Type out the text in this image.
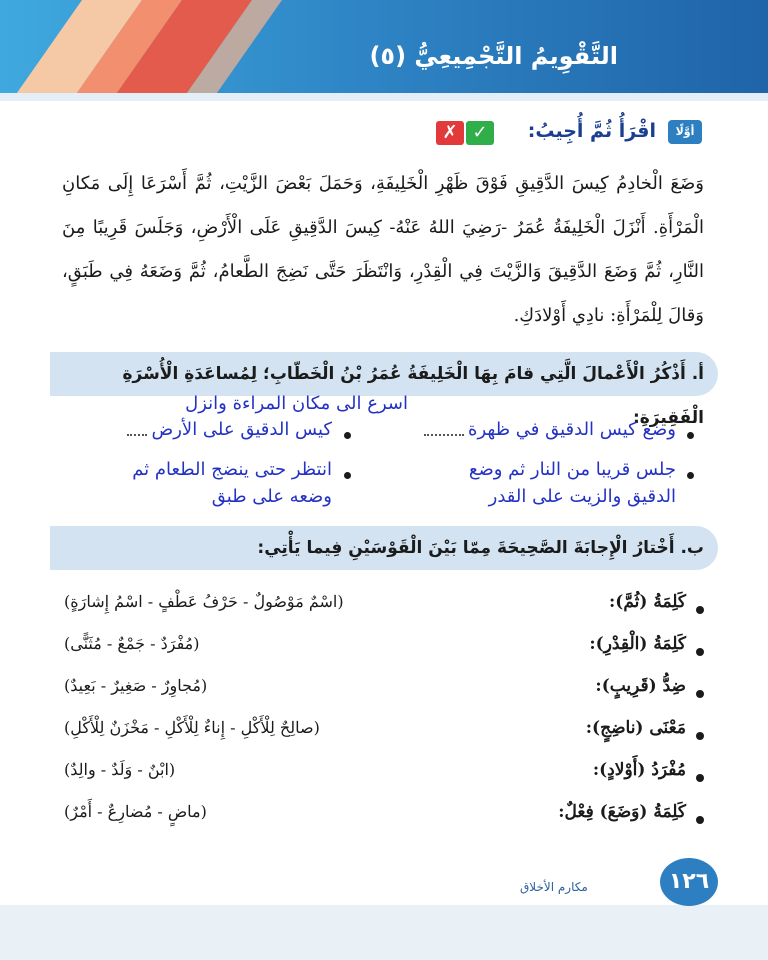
التَّقْوِيمُ التَّجْمِيعِيُّ (٥)
أوَّلًا
اقْرَأُ ثُمَّ أُجِيبُ:
✓
✗
وَضَعَ الْخادِمُ كِيسَ الدَّقِيقِ فَوْقَ ظَهْرِ الْخَلِيفَةِ، وَحَمَلَ بَعْضَ الزَّيْتِ، ثُمَّ أَسْرَعَا إِلَى مَكانِ الْمَرْأَةِ. أَنْزَلَ الْخَلِيفَةُ عُمَرُ -رَضِيَ اللهُ عَنْهُ- كِيسَ الدَّقِيقِ عَلَى الْأَرْضِ، وَجَلَسَ قَرِيبًا مِنَ النَّارِ، ثُمَّ وَضَعَ الدَّقِيقَ وَالزَّيْتَ فِي الْقِدْرِ، وَانْتَظَرَ حَتَّى نَضِجَ الطَّعامُ، ثُمَّ وَضَعَهُ فِي طَبَقٍ، وَقالَ لِلْمَرْأَةِ: نادِي أَوْلادَكِ.
أ. أَذْكُرُ الْأَعْمالَ الَّتِي قامَ بِهَا الْخَلِيفَةُ عُمَرُ بْنُ الْخَطّابِ؛ لِمُساعَدَةِ الْأُسْرَةِ الْفَقِيرَةِ:
وضع كيس الدقيق في ظهرة
اسرع الى مكان المراءة وانزل
كيس الدقيق على الأرض
جلس قريبا من النار ثم وضع
الدقيق والزيت على القدر
انتظر حتى ينضج الطعام ثم
وضعه على طبق
ب. أَخْتارُ الْإِجابَةَ الصَّحِيحَةَ مِمّا بَيْنَ الْقَوْسَيْنِ فِيما يَأْتِي:
كَلِمَةُ (ثُمَّ):
(اسْمٌ مَوْصُولٌ - حَرْفُ عَطْفٍ - اسْمُ إِشارَةٍ)
كَلِمَةُ (الْقِدْرِ):
(مُفْرَدٌ - جَمْعٌ - مُثَنًّى)
ضِدُّ (قَرِيبٍ):
(مُجاوِرٌ - صَغِيرٌ - بَعِيدٌ)
مَعْنَى (ناضِجٍ):
(صالِحٌ لِلْأَكْلِ - إِناءٌ لِلْأَكْلِ - مَخْزَنٌ لِلْأَكْلِ)
مُفْرَدُ (أَوْلادٍ):
(ابْنٌ - وَلَدٌ - والِدٌ)
كَلِمَةُ (وَضَعَ) فِعْلٌ:
(ماضٍ - مُضارِعٌ - أَمْرٌ)
١٢٦
مكارم الأخلاق
